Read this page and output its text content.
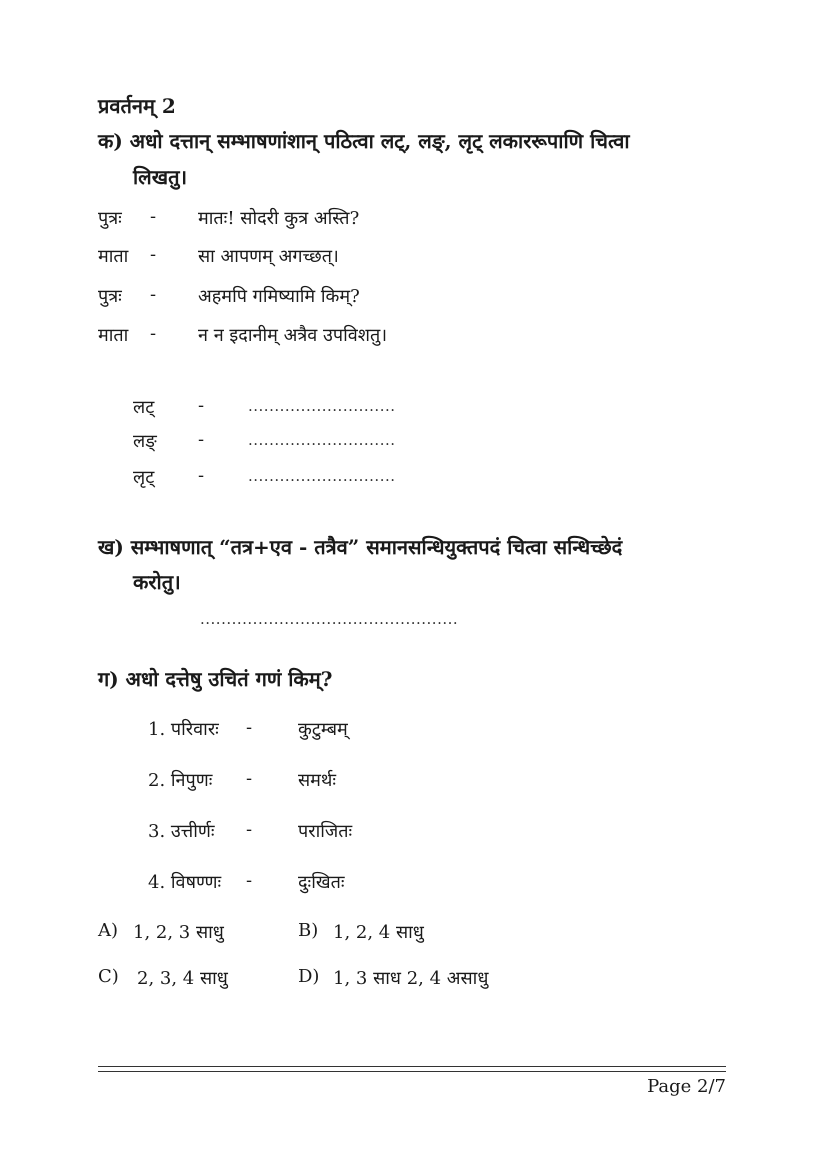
प्रवर्तनम् 2
क) अधो दत्तान् सम्भाषणांशान् पठित्वा लट्, लङ्, लृट् लकाररूपाणि चित्वा
लिखतु।
पुत्रः - मातः! सोदरी कुत्र अस्ति?
माता - सा आपणम् अगच्छत्।
पुत्रः - अहमपि गमिष्यामि किम्?
माता - न न इदानीम् अत्रैव उपविशतु।
लट् -	............................
लङ् -	............................
लृट् -	............................
ख) सम्भाषणात् “तत्र+एव - तत्रैव” समानसन्धियुक्तपदं चित्वा सन्धिच्छेदं
करोतु।
.................................................
ग) अधो दत्तेषु उचितं गणं किम्?
1. परिवारः -	कुटुम्बम्
2. निपुणः -	समर्थः
3. उत्तीर्णः -	पराजितः
4. विषण्णः -	दुःखितः
A) 1, 2, 3 साधु	B) 1, 2, 4 साधु
C) 2, 3, 4 साधु	D) 1, 3 साध 2, 4 असाधु
Page 2/7
